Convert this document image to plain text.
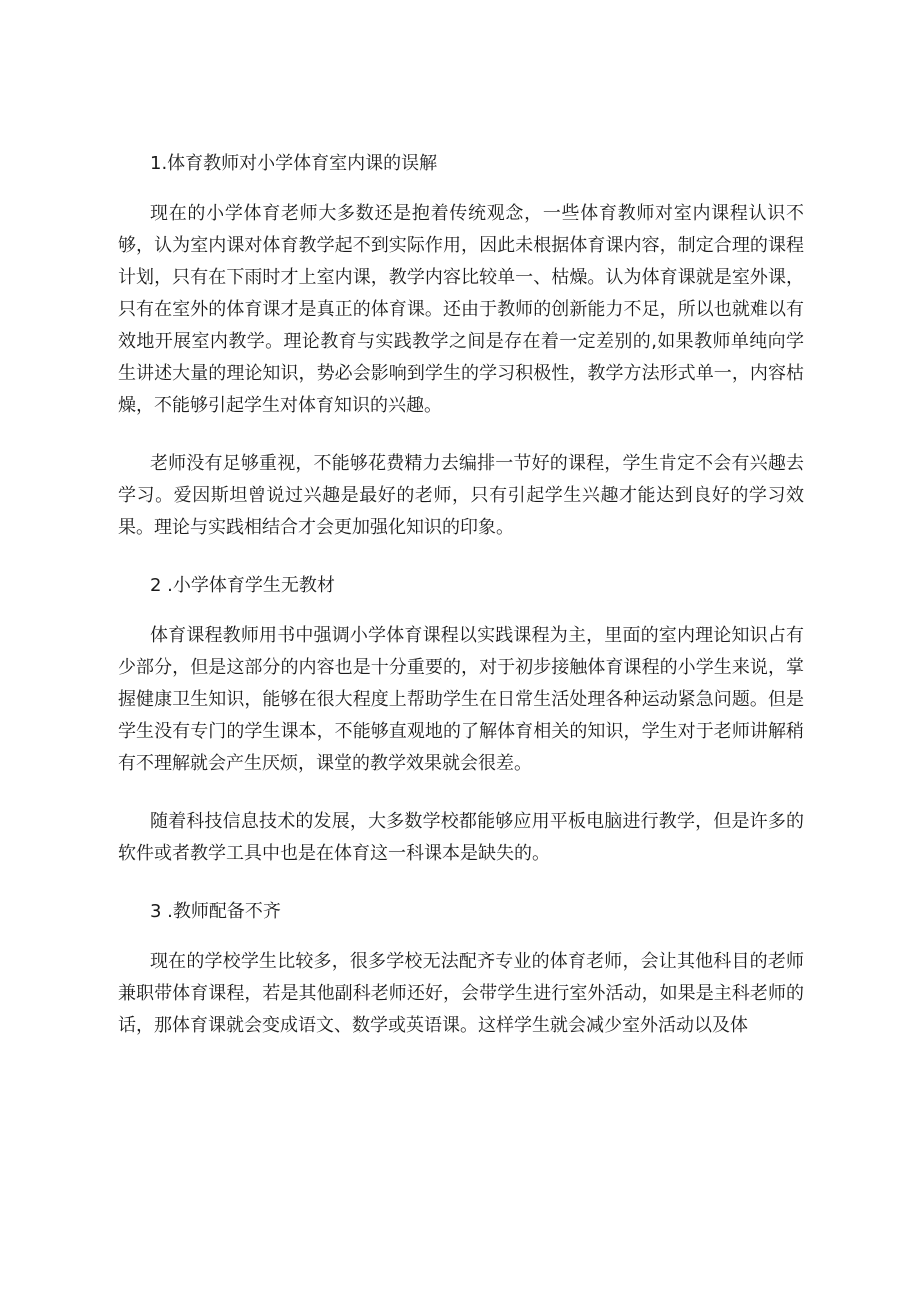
1.体育教师对小学体育室内课的误解

现在的小学体育老师大多数还是抱着传统观念，一些体育教师对室内课程认识不够，认为室内课对体育教学起不到实际作用，因此未根据体育课内容，制定合理的课程计划，只有在下雨时才上室内课，教学内容比较单一、枯燥。认为体育课就是室外课，只有在室外的体育课才是真正的体育课。还由于教师的创新能力不足，所以也就难以有效地开展室内教学。理论教育与实践教学之间是存在着一定差别的,如果教师单纯向学生讲述大量的理论知识，势必会影响到学生的学习积极性，教学方法形式单一，内容枯燥，不能够引起学生对体育知识的兴趣。

老师没有足够重视，不能够花费精力去编排一节好的课程，学生肯定不会有兴趣去学习。爱因斯坦曾说过兴趣是最好的老师，只有引起学生兴趣才能达到良好的学习效果。理论与实践相结合才会更加强化知识的印象。

2 .小学体育学生无教材

体育课程教师用书中强调小学体育课程以实践课程为主，里面的室内理论知识占有少部分，但是这部分的内容也是十分重要的，对于初步接触体育课程的小学生来说，掌握健康卫生知识，能够在很大程度上帮助学生在日常生活处理各种运动紧急问题。但是学生没有专门的学生课本，不能够直观地的了解体育相关的知识，学生对于老师讲解稍有不理解就会产生厌烦，课堂的教学效果就会很差。

随着科技信息技术的发展，大多数学校都能够应用平板电脑进行教学，但是许多的软件或者教学工具中也是在体育这一科课本是缺失的。

3 .教师配备不齐

现在的学校学生比较多，很多学校无法配齐专业的体育老师，会让其他科目的老师兼职带体育课程，若是其他副科老师还好，会带学生进行室外活动，如果是主科老师的话，那体育课就会变成语文、数学或英语课。这样学生就会减少室外活动以及体
